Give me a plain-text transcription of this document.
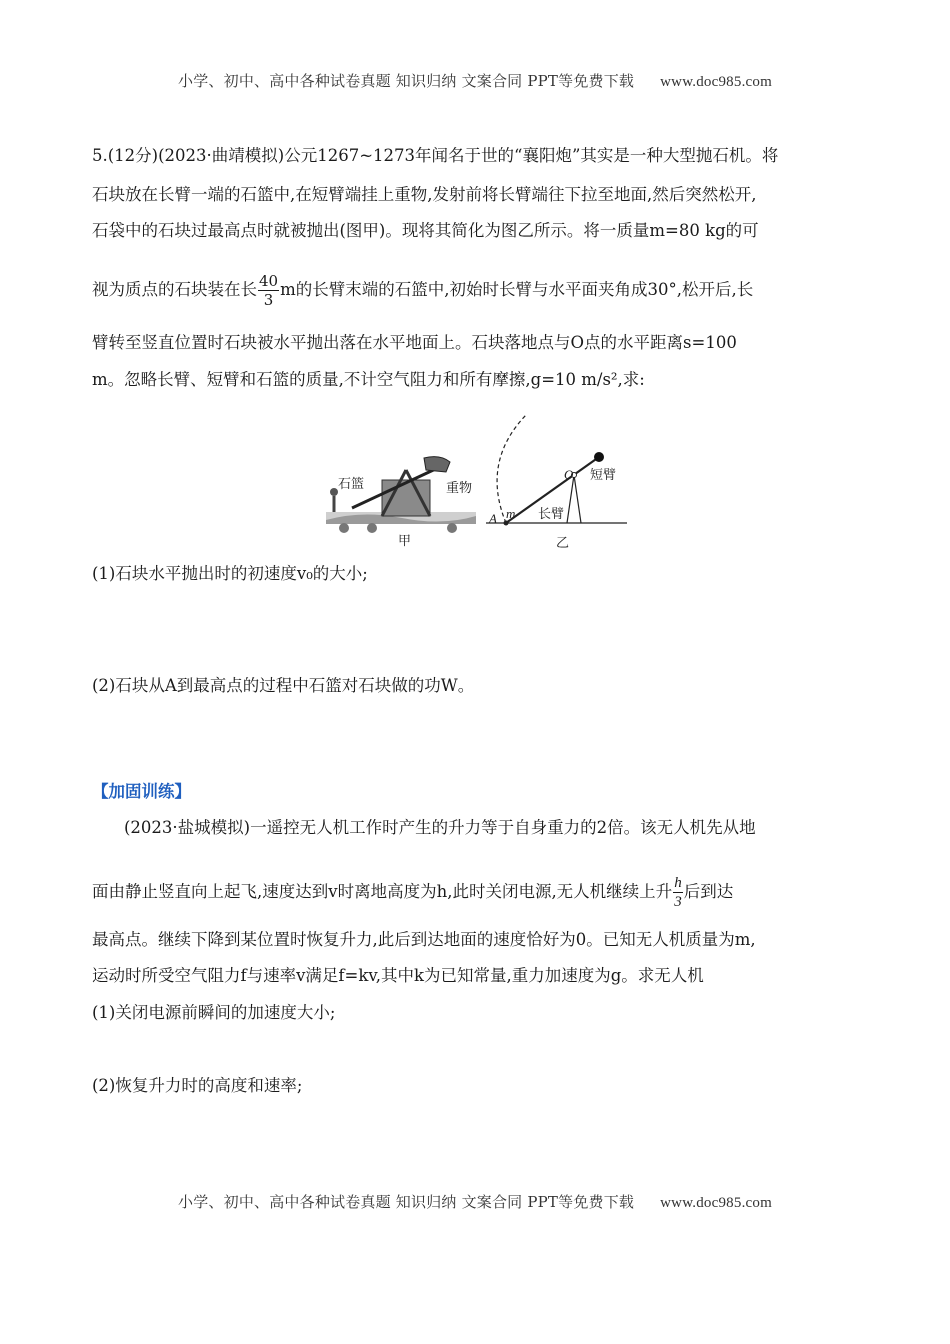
小学、初中、高中各种试卷真题 知识归纳 文案合同 PPT等免费下载 www.doc985.com
5.(12分)(2023·曲靖模拟)公元1267~1273年闻名于世的“襄阳炮”其实是一种大型抛石机。将
石块放在长臂一端的石篮中,在短臂端挂上重物,发射前将长臂端往下拉至地面,然后突然松开,
石袋中的石块过最高点时就被抛出(图甲)。现将其简化为图乙所示。将一质量m=80 kg的可
视为质点的石块装在长 $\frac{40}{3}$ m的长臂末端的石篮中,初始时长臂与水平面夹角成30°,松开后,长
臂转至竖直位置时石块被水平抛出落在水平地面上。石块落地点与O点的水平距离s=100
m。忽略长臂、短臂和石篮的质量,不计空气阻力和所有摩擦,g=10 m/s²,求:
石篮	重物
甲
A m
O 短臂
长臂
乙
(1)石块水平抛出时的初速度v₀的大小;
(2)石块从A到最高点的过程中石篮对石块做的功W。
【加固训练】
(2023·盐城模拟)一遥控无人机工作时产生的升力等于自身重力的2倍。该无人机先从地
面由静止竖直向上起飞,速度达到v时离地高度为h,此时关闭电源,无人机继续上升 $\frac{h}{3}$ 后到达
最高点。继续下降到某位置时恢复升力,此后到达地面的速度恰好为0。已知无人机质量为m,
运动时所受空气阻力f与速率v满足f=kv,其中k为已知常量,重力加速度为g。求无人机
(1)关闭电源前瞬间的加速度大小;
(2)恢复升力时的高度和速率;
小学、初中、高中各种试卷真题 知识归纳 文案合同 PPT等免费下载 www.doc985.com
